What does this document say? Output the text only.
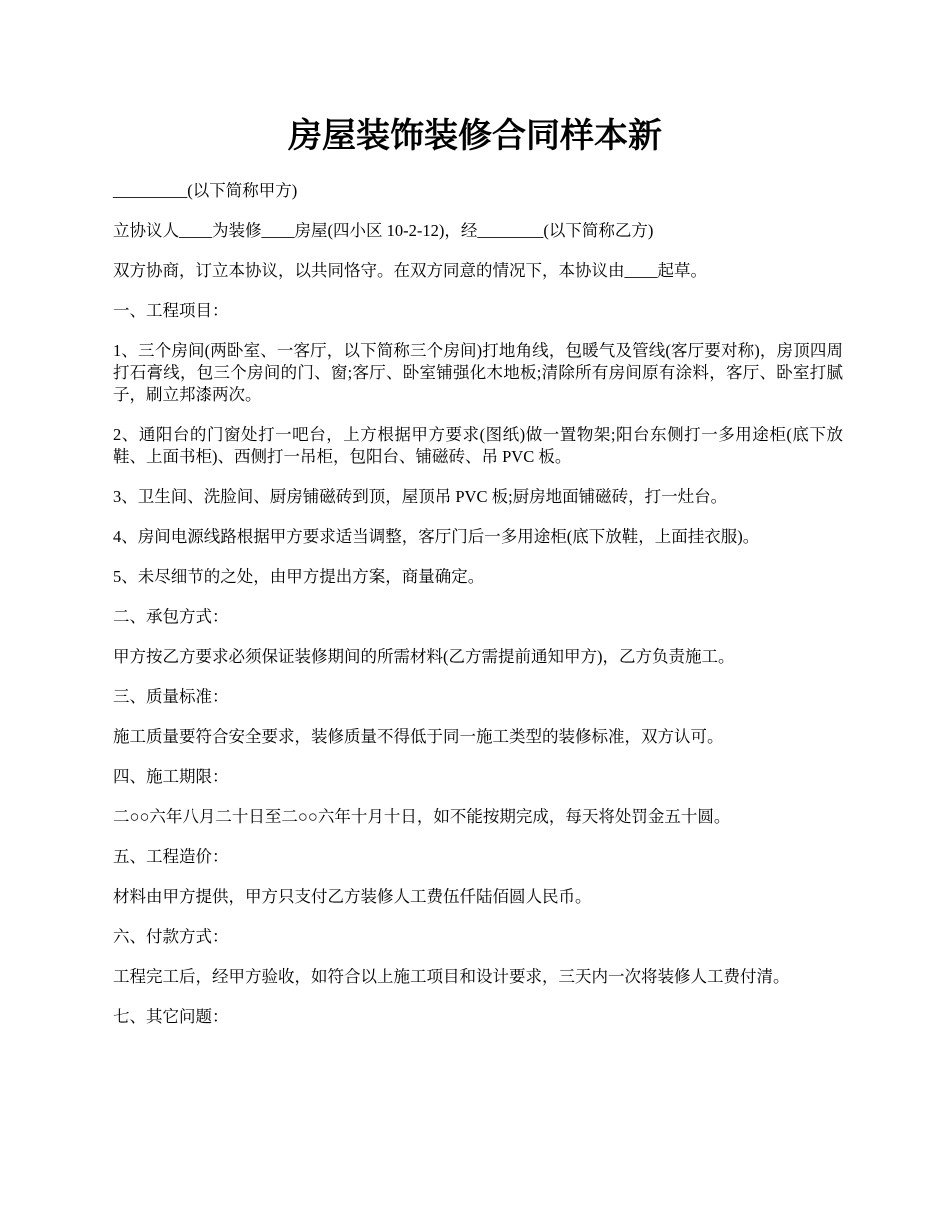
房屋装饰装修合同样本新

_________(以下简称甲方)

立协议人____为装修____房屋(四小区 10-2-12)，经________(以下简称乙方)

双方协商，订立本协议，以共同恪守。在双方同意的情况下，本协议由____起草。

一、工程项目：

1、三个房间(两卧室、一客厅，以下简称三个房间)打地角线，包暖气及管线(客厅要对称)，房顶四周打石膏线，包三个房间的门、窗;客厅、卧室铺强化木地板;清除所有房间原有涂料，客厅、卧室打腻子，刷立邦漆两次。

2、通阳台的门窗处打一吧台，上方根据甲方要求(图纸)做一置物架;阳台东侧打一多用途柜(底下放鞋、上面书柜)、西侧打一吊柜，包阳台、铺磁砖、吊 PVC 板。

3、卫生间、洗脸间、厨房铺磁砖到顶，屋顶吊 PVC 板;厨房地面铺磁砖，打一灶台。

4、房间电源线路根据甲方要求适当调整，客厅门后一多用途柜(底下放鞋，上面挂衣服)。

5、未尽细节的之处，由甲方提出方案，商量确定。

二、承包方式：

甲方按乙方要求必须保证装修期间的所需材料(乙方需提前通知甲方)，乙方负责施工。

三、质量标准：

施工质量要符合安全要求，装修质量不得低于同一施工类型的装修标准，双方认可。

四、施工期限：

二○○六年八月二十日至二○○六年十月十日，如不能按期完成，每天将处罚金五十圆。

五、工程造价：

材料由甲方提供，甲方只支付乙方装修人工费伍仟陆佰圆人民币。

六、付款方式：

工程完工后，经甲方验收，如符合以上施工项目和设计要求，三天内一次将装修人工费付清。

七、其它问题：
